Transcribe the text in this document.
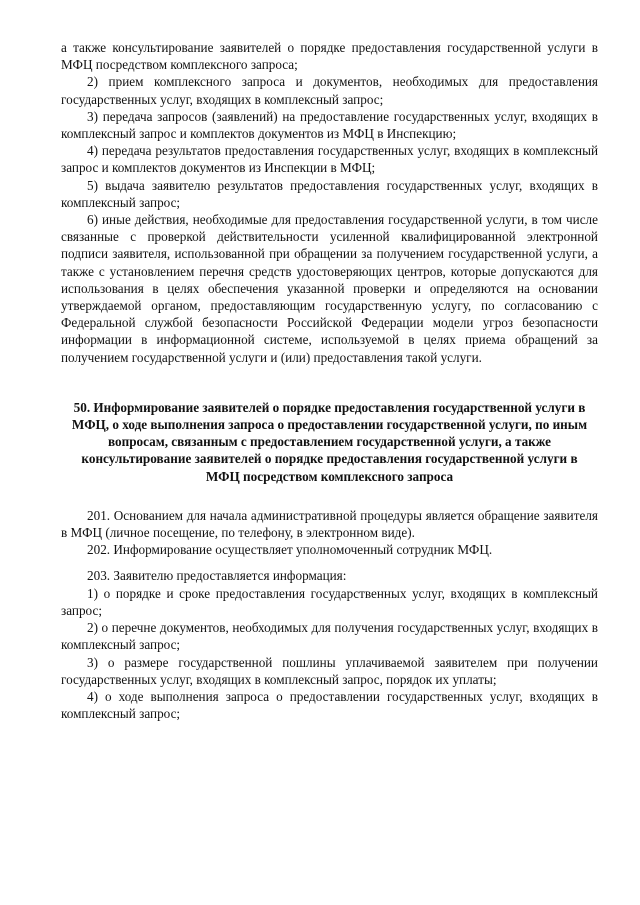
а также консультирование заявителей о порядке предоставления государственной услуги в МФЦ посредством комплексного запроса;

2) прием комплексного запроса и документов, необходимых для предоставления государственных услуг, входящих в комплексный запрос;

3) передача запросов (заявлений) на предоставление государственных услуг, входящих в комплексный запрос и комплектов документов из МФЦ в Инспекцию;

4) передача результатов предоставления государственных услуг, входящих в комплексный запрос и комплектов документов из Инспекции в МФЦ;

5) выдача заявителю результатов предоставления государственных услуг, входящих в комплексный запрос;

6) иные действия, необходимые для предоставления государственной услуги, в том числе связанные с проверкой действительности усиленной квалифицированной электронной подписи заявителя, использованной при обращении за получением государственной услуги, а также с установлением перечня средств удостоверяющих центров, которые допускаются для использования в целях обеспечения указанной проверки и определяются на основании утверждаемой органом, предоставляющим государственную услугу, по согласованию с Федеральной службой безопасности Российской Федерации модели угроз безопасности информации в информационной системе, используемой в целях приема обращений за получением государственной услуги и (или) предоставления такой услуги.

50. Информирование заявителей о порядке предоставления государственной услуги в МФЦ, о ходе выполнения запроса о предоставлении государственной услуги, по иным вопросам, связанным с предоставлением государственной услуги, а также консультирование заявителей о порядке предоставления государственной услуги в МФЦ посредством комплексного запроса

201. Основанием для начала административной процедуры является обращение заявителя в МФЦ (личное посещение, по телефону, в электронном виде).

202. Информирование осуществляет уполномоченный сотрудник МФЦ.

203. Заявителю предоставляется информация:

1) о порядке и сроке предоставления государственных услуг, входящих в комплексный запрос;

2) о перечне документов, необходимых для получения государственных услуг, входящих в комплексный запрос;

3) о размере государственной пошлины уплачиваемой заявителем при получении государственных услуг, входящих в комплексный запрос, порядок их уплаты;

4) о ходе выполнения запроса о предоставлении государственных услуг, входящих в комплексный запрос;
